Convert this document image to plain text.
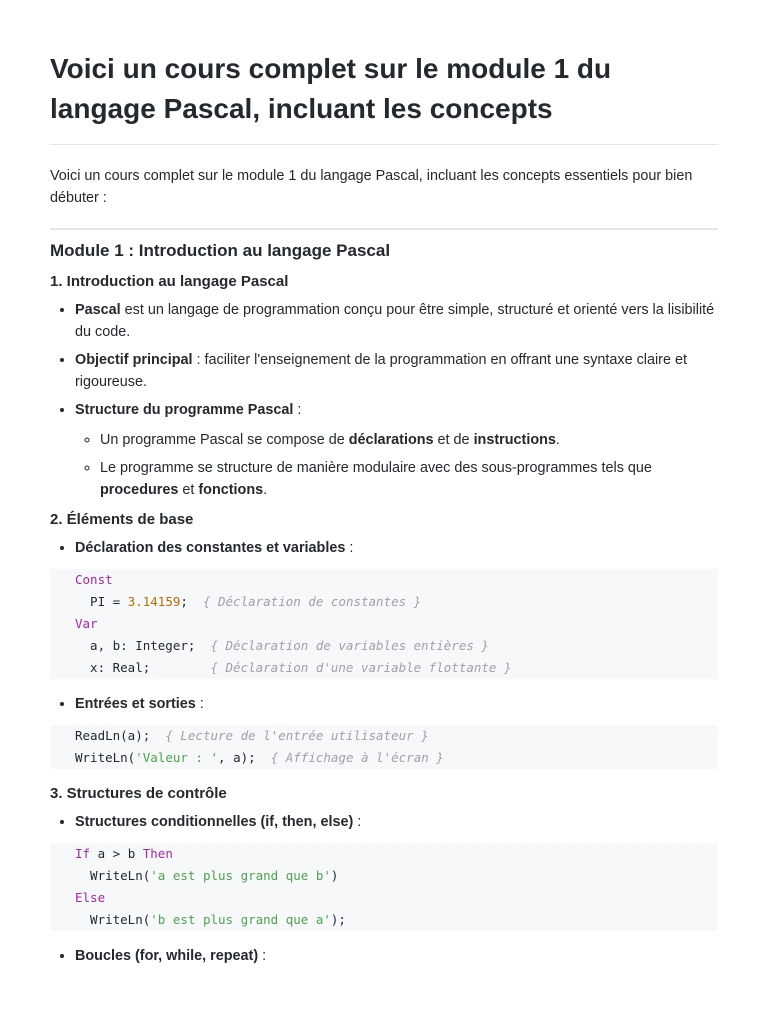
Voici un cours complet sur le module 1 du langage Pascal, incluant les concepts

Voici un cours complet sur le module 1 du langage Pascal, incluant les concepts essentiels pour bien débuter :

Module 1 : Introduction au langage Pascal
1. Introduction au langage Pascal
• Pascal est un langage de programmation conçu pour être simple, structuré et orienté vers la lisibilité du code.
• Objectif principal : faciliter l'enseignement de la programmation en offrant une syntaxe claire et rigoureuse.
• Structure du programme Pascal :
◦ Un programme Pascal se compose de déclarations et de instructions.
◦ Le programme se structure de manière modulaire avec des sous-programmes tels que procedures et fonctions.
2. Éléments de base
• Déclaration des constantes et variables :
Const
PI = 3.14159;  { Déclaration de constantes }
Var
a, b: Integer;  { Déclaration de variables entières }
x: Real;        { Déclaration d'une variable flottante }
• Entrées et sorties :
ReadLn(a);  { Lecture de l'entrée utilisateur }
WriteLn('Valeur : ', a);  { Affichage à l'écran }
3. Structures de contrôle
• Structures conditionnelles (if, then, else) :
If a > b Then
WriteLn('a est plus grand que b')
Else
WriteLn('b est plus grand que a');
• Boucles (for, while, repeat) :
